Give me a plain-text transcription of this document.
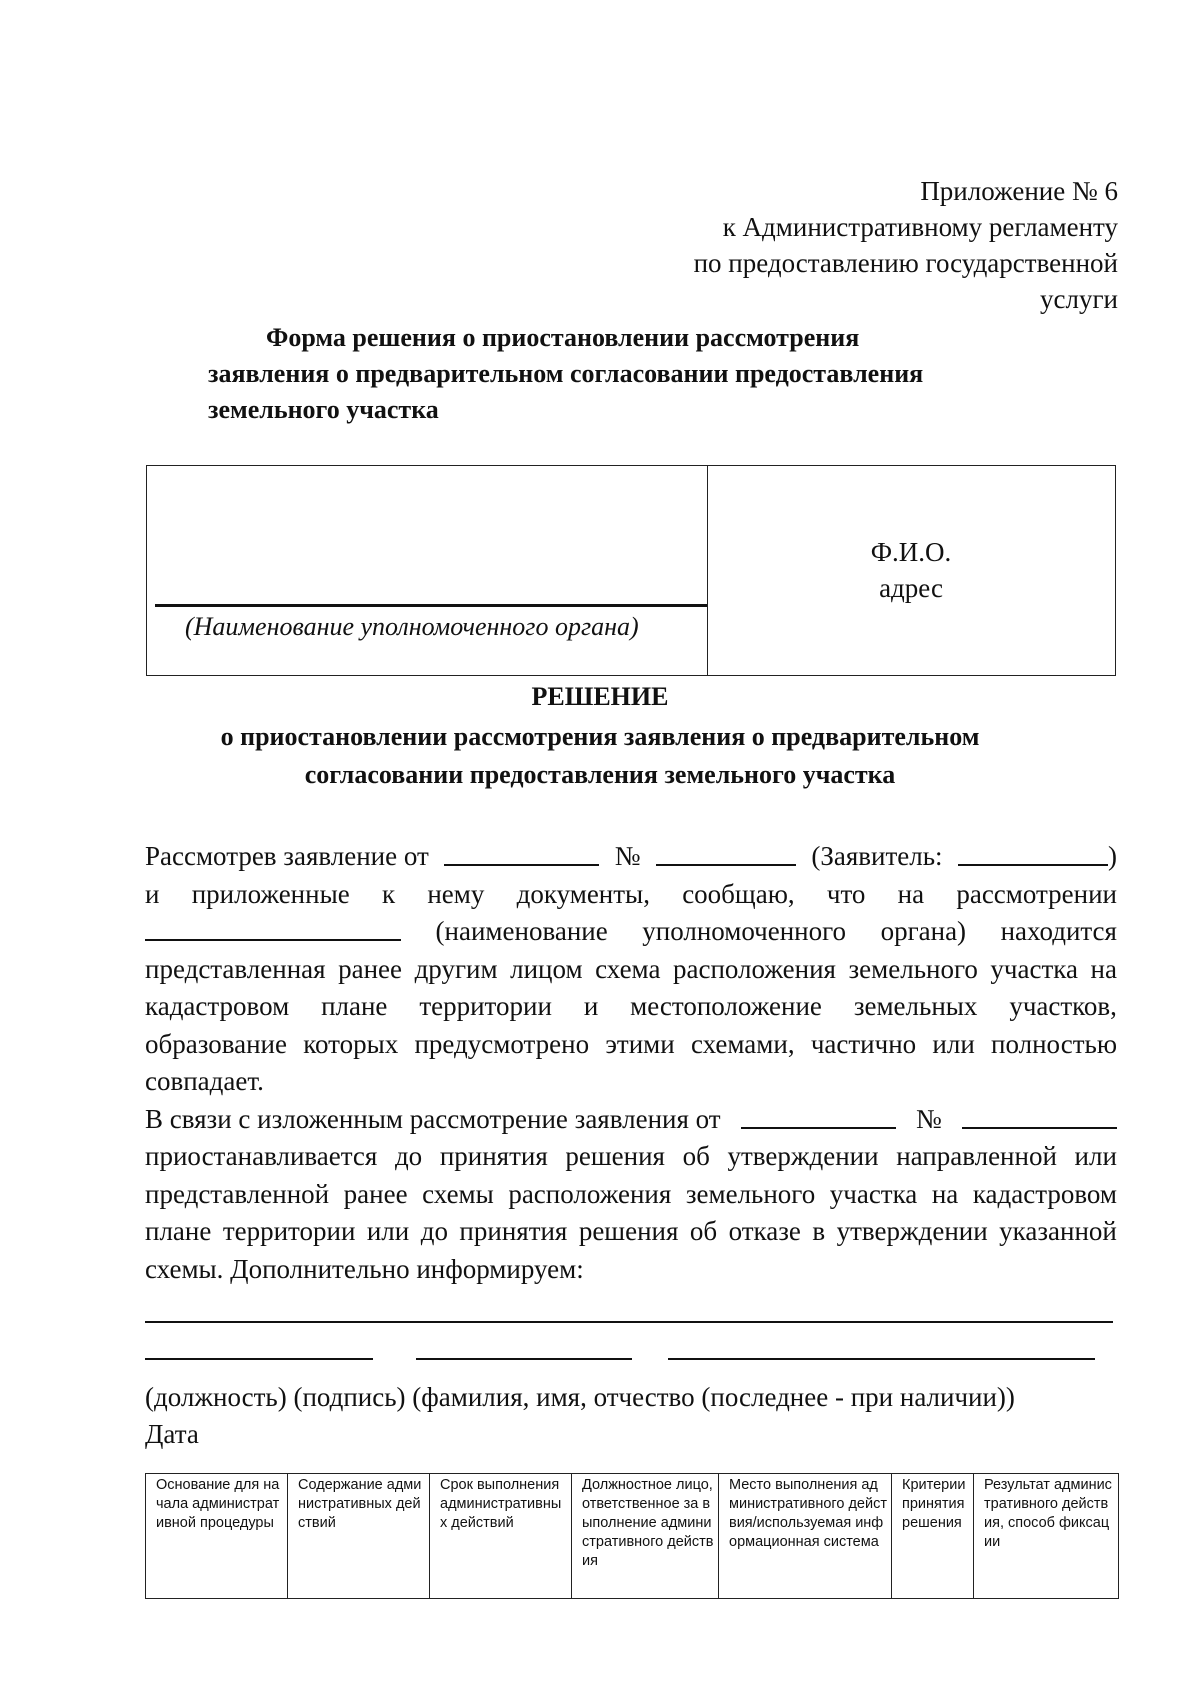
Приложение № 6
к Административному регламенту
по предоставлению государственной
услуги
Форма решения о приостановлении рассмотрения
заявления о предварительном согласовании предоставления
земельного участка
(Наименование уполномоченного органа)
Ф.И.О.
адрес
РЕШЕНИЕ
о приостановлении рассмотрения заявления о предварительном
согласовании предоставления земельного участка
Рассмотрев заявление от	№	(Заявитель:	)
и приложенные к нему документы, сообщаю, что на рассмотрении
(наименование уполномоченного органа) находится
представленная ранее другим лицом схема расположения земельного участка на
кадастровом плане территории и местоположение земельных участков,
образование которых предусмотрено этими схемами, частично или полностью
совпадает.
В связи с изложенным рассмотрение заявления от	№
приостанавливается до принятия решения об утверждении направленной или
представленной ранее схемы расположения земельного участка на кадастровом
плане территории или до принятия решения об отказе в утверждении указанной
схемы. Дополнительно информируем:
(должность) (подпись) (фамилия, имя, отчество (последнее - при наличии))
Дата
Основание для начала административной процедуры	Содержание административных действий	Срок выполнения административных действий	Должностное лицо, ответственное за выполнение административного действия	Место выполнения административного действия/используемая информационная система	Критерии принятия решения	Результат административного действия, способ фиксации
